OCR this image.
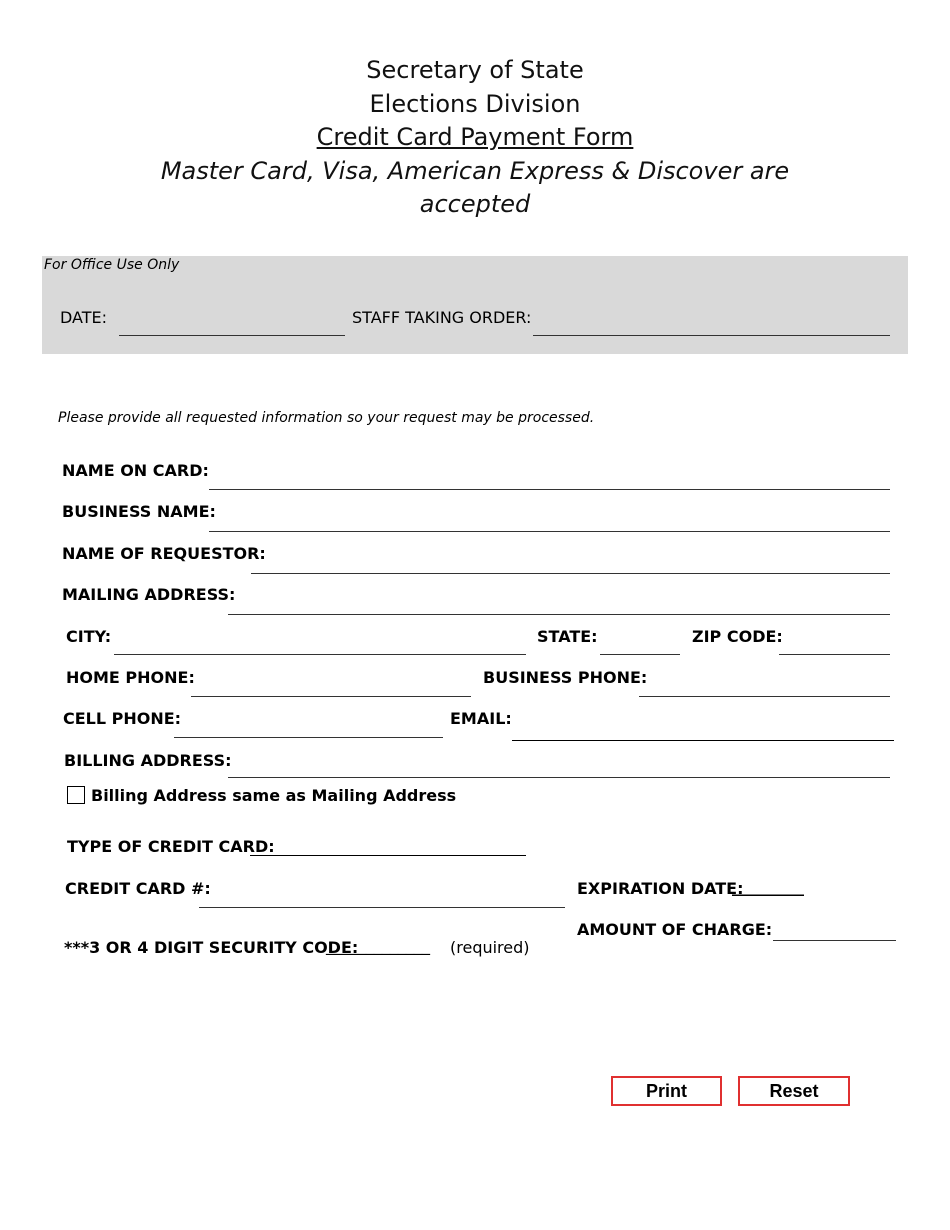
Secretary of State
Elections Division
Credit Card Payment Form
Master Card, Visa, American Express & Discover are
accepted
For Office Use Only
DATE:	STAFF TAKING ORDER:
Please provide all requested information so your request may be processed.
NAME ON CARD:
BUSINESS NAME:
NAME OF REQUESTOR:
MAILING ADDRESS:
CITY:	STATE:	ZIP CODE:
HOME PHONE:	BUSINESS PHONE:
CELL PHONE:	EMAIL:
BILLING ADDRESS:
Billing Address same as Mailing Address
TYPE OF CREDIT CARD:
CREDIT CARD #:	EXPIRATION DATE:
_________
AMOUNT OF CHARGE:
***3 OR 4 DIGIT SECURITY CODE:
_____________ (required)
Print	Reset
